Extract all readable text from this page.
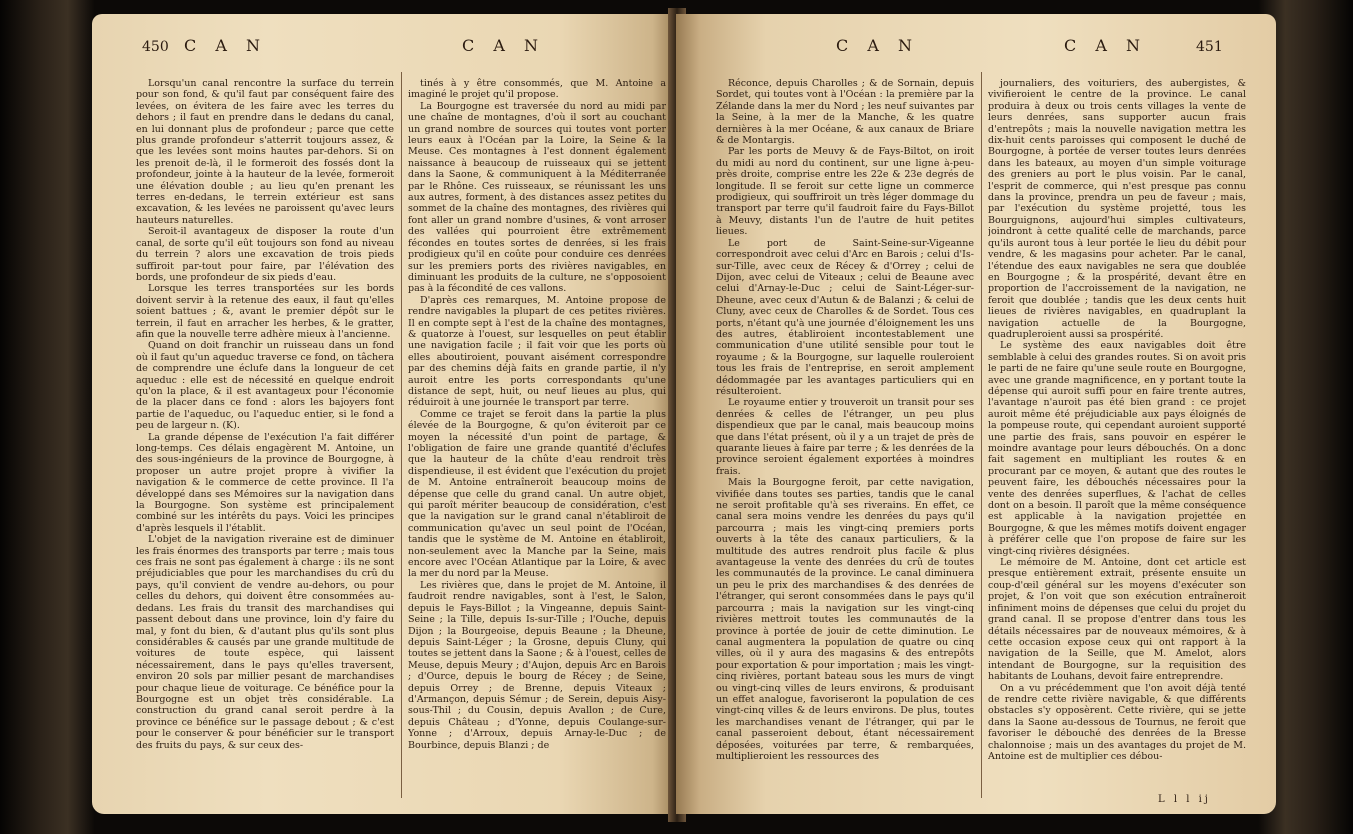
450 C A N	C A N

Lorsqu'un canal rencontre la surface du terrein pour son fond, & qu'il faut par conséquent faire des levées, on évitera de les faire avec les terres du dehors ; il faut en prendre dans le dedans du canal, en lui donnant plus de profondeur ; parce que cette plus grande profondeur s'atterrit toujours assez, & que les levées sont moins hautes par-dehors. Si on les prenoit de-là, il le formeroit des fossés dont la profondeur, jointe à la hauteur de la levée, formeroit une élévation double ; au lieu qu'en prenant les terres en-dedans, le terrein extérieur est sans excavation, & les levées ne paroissent qu'avec leurs hauteurs naturelles.

Seroit-il avantageux de disposer la route d'un canal, de sorte qu'il eût toujours son fond au niveau du terrein ? alors une excavation de trois pieds suffiroit par-tout pour faire, par l'élévation des bords, une profondeur de six pieds d'eau.

Lorsque les terres transportées sur les bords doivent servir à la retenue des eaux, il faut qu'elles soient battues ; &, avant le premier dépôt sur le terrein, il faut en arracher les herbes, & le gratter, afin que la nouvelle terre adhère mieux à l'ancienne.

Quand on doit franchir un ruisseau dans un fond où il faut qu'un aqueduc traverse ce fond, on tâchera de comprendre une éclufe dans la longueur de cet aqueduc : elle est de nécessité en quelque endroit qu'on la place, & il est avantageux pour l'économie de la placer dans ce fond : alors les bajoyers font partie de l'aqueduc, ou l'aqueduc entier, si le fond a peu de largeur n. (K).

La grande dépense de l'exécution l'a fait différer long-temps. Ces délais engagèrent M. Antoine, un des sous-ingénieurs de la province de Bourgogne, à proposer un autre projet propre à vivifier la navigation & le commerce de cette province. Il l'a développé dans ses Mémoires sur la navigation dans la Bourgogne. Son système est principalement combiné sur les intérêts du pays. Voici les principes d'après lesquels il l'établit.

L'objet de la navigation riveraine est de diminuer les frais énormes des transports par terre ; mais tous ces frais ne sont pas également à charge : ils ne sont préjudiciables que pour les marchandises du crû du pays, qu'il convient de vendre au-dehors, ou pour celles du dehors, qui doivent être consommées au-dedans. Les frais du transit des marchandises qui passent debout dans une province, loin d'y faire du mal, y font du bien, & d'autant plus qu'ils sont plus considérables & causés par une grande multitude de voitures de toute espèce, qui laissent nécessairement, dans le pays qu'elles traversent, environ 20 sols par millier pesant de marchandises pour chaque lieue de voiturage. Ce bénéfice pour la Bourgogne est un objet très considérable. La construction du grand canal seroit perdre à la province ce bénéfice sur le passage debout ; & c'est pour le conserver & pour bénéficier sur le transport des fruits du pays, & sur ceux des-

tinés à y être consommés, que M. Antoine a imaginé le projet qu'il propose.

La Bourgogne est traversée du nord au midi par une chaîne de montagnes, d'où il sort au couchant un grand nombre de sources qui toutes vont porter leurs eaux à l'Océan par la Loire, la Seine & la Meuse. Ces montagnes à l'est donnent également naissance à beaucoup de ruisseaux qui se jettent dans la Saone, & communiquent à la Méditerranée par le Rhône. Ces ruisseaux, se réunissant les uns aux autres, forment, à des distances assez petites du sommet de la chaîne des montagnes, des rivières qui font aller un grand nombre d'usines, & vont arroser des vallées qui pourroient être extrêmement fécondes en toutes sortes de denrées, si les frais prodigieux qu'il en coûte pour conduire ces denrées sur les premiers ports des rivières navigables, en diminuant les produits de la culture, ne s'opposoient pas à la fécondité de ces vallons.

D'après ces remarques, M. Antoine propose de rendre navigables la plupart de ces petites rivières. Il en compte sept à l'est de la chaîne des montagnes, & quatorze à l'ouest, sur lesquelles on peut établir une navigation facile ; il fait voir que les ports où elles aboutiroient, pouvant aisément correspondre par des chemins déjà faits en grande partie, il n'y auroit entre les ports correspondants qu'une distance de sept, huit, ou neuf lieues au plus, qui réduiroit à une journée le transport par terre.

Comme ce trajet se feroit dans la partie la plus élevée de la Bourgogne, & qu'on éviteroit par ce moyen la nécessité d'un point de partage, & l'obligation de faire une grande quantité d'éclufes que la hauteur de la chûte d'eau rendroit très dispendieuse, il est évident que l'exécution du projet de M. Antoine entraîneroit beaucoup moins de dépense que celle du grand canal. Un autre objet, qui paroît mériter beaucoup de considération, c'est que la navigation sur le grand canal n'établiroit de communication qu'avec un seul point de l'Océan, tandis que le système de M. Antoine en établiroit, non-seulement avec la Manche par la Seine, mais encore avec l'Océan Atlantique par la Loire, & avec la mer du nord par la Meuse.

Les rivières que, dans le projet de M. Antoine, il faudroit rendre navigables, sont à l'est, le Salon, depuis le Fays-Billot ; la Vingeanne, depuis Saint-Seine ; la Tille, depuis Is-sur-Tille ; l'Ouche, depuis Dijon ; la Bourgeoise, depuis Beaune ; la Dheune, depuis Saint-Léger ; la Grosne, depuis Cluny, qui toutes se jettent dans la Saone ; & à l'ouest, celles de Meuse, depuis Meury ; d'Aujon, depuis Arc en Barois ; d'Ource, depuis le bourg de Récey ; de Seine, depuis Orrey ; de Brenne, depuis Viteaux ; d'Armançon, depuis Sémur ; de Serein, depuis Aisy-sous-Thil ; du Cousin, depuis Avallon ; de Cure, depuis Château ; d'Yonne, depuis Coulange-sur-Yonne ; d'Arroux, depuis Arnay-le-Duc ; de Bourbince, depuis Blanzi ; de

C A N	C A N	451

Réconce, depuis Charolles ; & de Sornain, depuis Sordet, qui toutes vont à l'Océan : la première par la Zélande dans la mer du Nord ; les neuf suivantes par la Seine, à la mer de la Manche, & les quatre dernières à la mer Océane, & aux canaux de Briare & de Montargis.

Par les ports de Meuvy & de Fays-Biltot, on iroit du midi au nord du continent, sur une ligne à-peu-près droite, comprise entre les 22e & 23e degrés de longitude. Il se feroit sur cette ligne un commerce prodigieux, qui souffriroit un très léger dommage du transport par terre qu'il faudroit faire du Fays-Billot à Meuvy, distants l'un de l'autre de huit petites lieues.

Le port de Saint-Seine-sur-Vigeanne correspondroit avec celui d'Arc en Barois ; celui d'Is-sur-Tille, avec ceux de Récey & d'Orrey ; celui de Dijon, avec celui de Viteaux ; celui de Beaune avec celui d'Arnay-le-Duc ; celui de Saint-Léger-sur-Dheune, avec ceux d'Autun & de Balanzi ; & celui de Cluny, avec ceux de Charolles & de Sordet. Tous ces ports, n'étant qu'à une journée d'éloignement les uns des autres, établiroient incontestablement une communication d'une utilité sensible pour tout le royaume ; & la Bourgogne, sur laquelle rouleroient tous les frais de l'entreprise, en seroit amplement dédommagée par les avantages particuliers qui en résulteroient.

Le royaume entier y trouveroit un transit pour ses denrées & celles de l'étranger, un peu plus dispendieux que par le canal, mais beaucoup moins que dans l'état présent, où il y a un trajet de près de quarante lieues à faire par terre ; & les denrées de la province seroient également exportées à moindres frais.

Mais la Bourgogne feroit, par cette navigation, vivifiée dans toutes ses parties, tandis que le canal ne seroit profitable qu'à ses riverains. En effet, ce canal sera moins vendre les denrées du pays qu'il parcourra ; mais les vingt-cinq premiers ports ouverts à la tête des canaux particuliers, & la multitude des autres rendroit plus facile & plus avantageuse la vente des denrées du crû de toutes les communautés de la province. Le canal diminuera un peu le prix des marchandises & des denrées de l'étranger, qui seront consommées dans le pays qu'il parcourra ; mais la navigation sur les vingt-cinq rivières mettroit toutes les communautés de la province à portée de jouir de cette diminution. Le canal augmentera la population de quatre ou cinq villes, où il y aura des magasins & des entrepôts pour exportation & pour importation ; mais les vingt-cinq rivières, portant bateau sous les murs de vingt ou vingt-cinq villes de leurs environs, & produisant un effet analogue, favoriseront la population de ces vingt-cinq villes & de leurs environs. De plus, toutes les marchandises venant de l'étranger, qui par le canal passeroient debout, étant nécessairement déposées, voiturées par terre, & rembarquées, multiplieroient les ressources des

journaliers, des voituriers, des aubergistes, & vivifieroient le centre de la province. Le canal produira à deux ou trois cents villages la vente de leurs denrées, sans supporter aucun frais d'entrepôts ; mais la nouvelle navigation mettra les dix-huit cents paroisses qui composent le duché de Bourgogne, à portée de verser toutes leurs denrées dans les bateaux, au moyen d'un simple voiturage des greniers au port le plus voisin. Par le canal, l'esprit de commerce, qui n'est presque pas connu dans la province, prendra un peu de faveur ; mais, par l'exécution du système projetté, tous les Bourguignons, aujourd'hui simples cultivateurs, joindront à cette qualité celle de marchands, parce qu'ils auront tous à leur portée le lieu du débit pour vendre, & les magasins pour acheter. Par le canal, l'étendue des eaux navigables ne sera que doublée en Bourgogne ; & la prospérité, devant être en proportion de l'accroissement de la navigation, ne feroit que doublée ; tandis que les deux cents huit lieues de rivières navigables, en quadruplant la navigation actuelle de la Bourgogne, quadrupleroient aussi sa prospérité.

Le système des eaux navigables doit être semblable à celui des grandes routes. Si on avoit pris le parti de ne faire qu'une seule route en Bourgogne, avec une grande magnificence, en y portant toute la dépense qui auroit suffi pour en faire trente autres, l'avantage n'auroit pas été bien grand : ce projet auroit même été préjudiciable aux pays éloignés de la pompeuse route, qui cependant auroient supporté une partie des frais, sans pouvoir en espérer le moindre avantage pour leurs débouchés. On a donc fait sagement en multipliant les routes & en procurant par ce moyen, & autant que des routes le peuvent faire, les débouchés nécessaires pour la vente des denrées superflues, & l'achat de celles dont on a besoin. Il paroît que la même conséquence est applicable à la navigation projettée en Bourgogne, & que les mêmes motifs doivent engager à préférer celle que l'on propose de faire sur les vingt-cinq rivières désignées.

Le mémoire de M. Antoine, dont cet article est presque entièrement extrait, présente ensuite un coup-d'œil général sur les moyens d'exécuter son projet, & l'on voit que son exécution entraîneroit infiniment moins de dépenses que celui du projet du grand canal. Il se propose d'entrer dans tous les détails nécessaires par de nouveaux mémoires, & à cette occasion expose ceux qui ont rapport à la navigation de la Seille, que M. Amelot, alors intendant de Bourgogne, sur la requisition des habitants de Louhans, devoit faire entreprendre.

On a vu précédemment que l'on avoit déjà tenté de rendre cette rivière navigable, & que différents obstacles s'y opposèrent. Cette rivière, qui se jette dans la Saone au-dessous de Tournus, ne feroit que favoriser le débouché des denrées de la Bresse chalonnoise ; mais un des avantages du projet de M. Antoine est de multiplier ces débou-

L l l ij
